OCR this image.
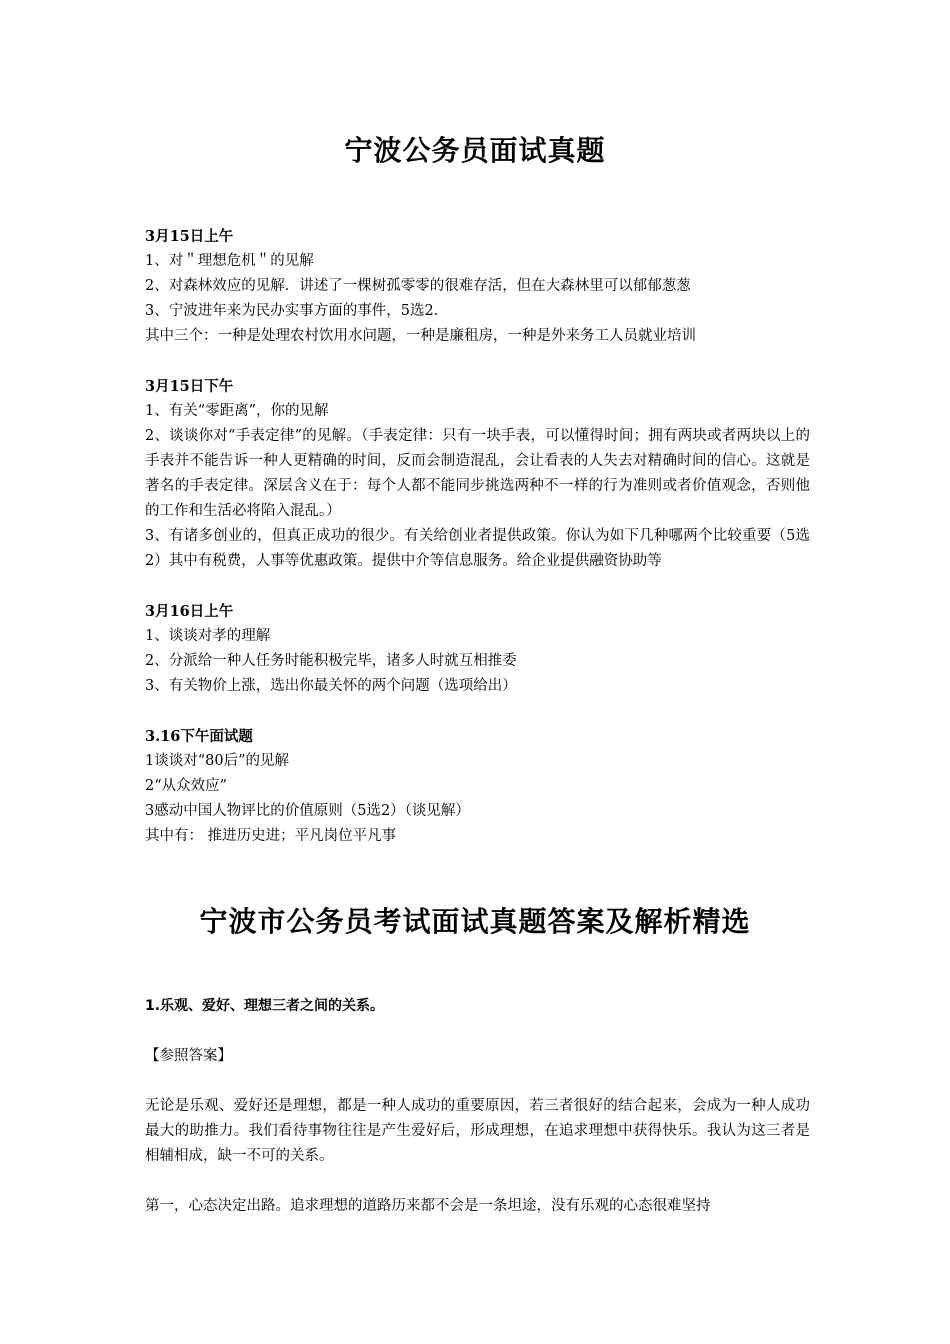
宁波公务员面试真题

3月15日上午

1、对＂理想危机＂的见解

2、对森林效应的见解．讲述了一棵树孤零零的很难存活，但在大森林里可以郁郁葱葱

3、宁波进年来为民办实事方面的事件，5选2．

其中三个：一种是处理农村饮用水问题，一种是廉租房，一种是外来务工人员就业培训

3月15日下午

1、有关“零距离”，你的见解

2、谈谈你对“手表定律”的见解。（手表定律：只有一块手表，可以懂得时间；拥有两块或者两块以上的手表并不能告诉一种人更精确的时间，反而会制造混乱，会让看表的人失去对精确时间的信心。这就是著名的手表定律。深层含义在于：每个人都不能同步挑选两种不一样的行为准则或者价值观念，否则他的工作和生活必将陷入混乱。）

3、有诸多创业的，但真正成功的很少。有关给创业者提供政策。你认为如下几种哪两个比较重要（5选2）其中有税费，人事等优惠政策。提供中介等信息服务。给企业提供融资协助等

3月16日上午

1、谈谈对孝的理解

2、分派给一种人任务时能积极完毕，诸多人时就互相推委

3、有关物价上涨，选出你最关怀的两个问题（选项给出）

3.16下午面试题

1谈谈对“80后”的见解

2“从众效应”

3感动中国人物评比的价值原则（5选2）（谈见解）

其中有： 推进历史进；平凡岗位平凡事

宁波市公务员考试面试真题答案及解析精选

1.乐观、爱好、理想三者之间的关系。

【参照答案】

无论是乐观、爱好还是理想，都是一种人成功的重要原因，若三者很好的结合起来，会成为一种人成功最大的助推力。我们看待事物往往是产生爱好后，形成理想，在追求理想中获得快乐。我认为这三者是相辅相成，缺一不可的关系。

第一，心态决定出路。追求理想的道路历来都不会是一条坦途，没有乐观的心态很难坚持
